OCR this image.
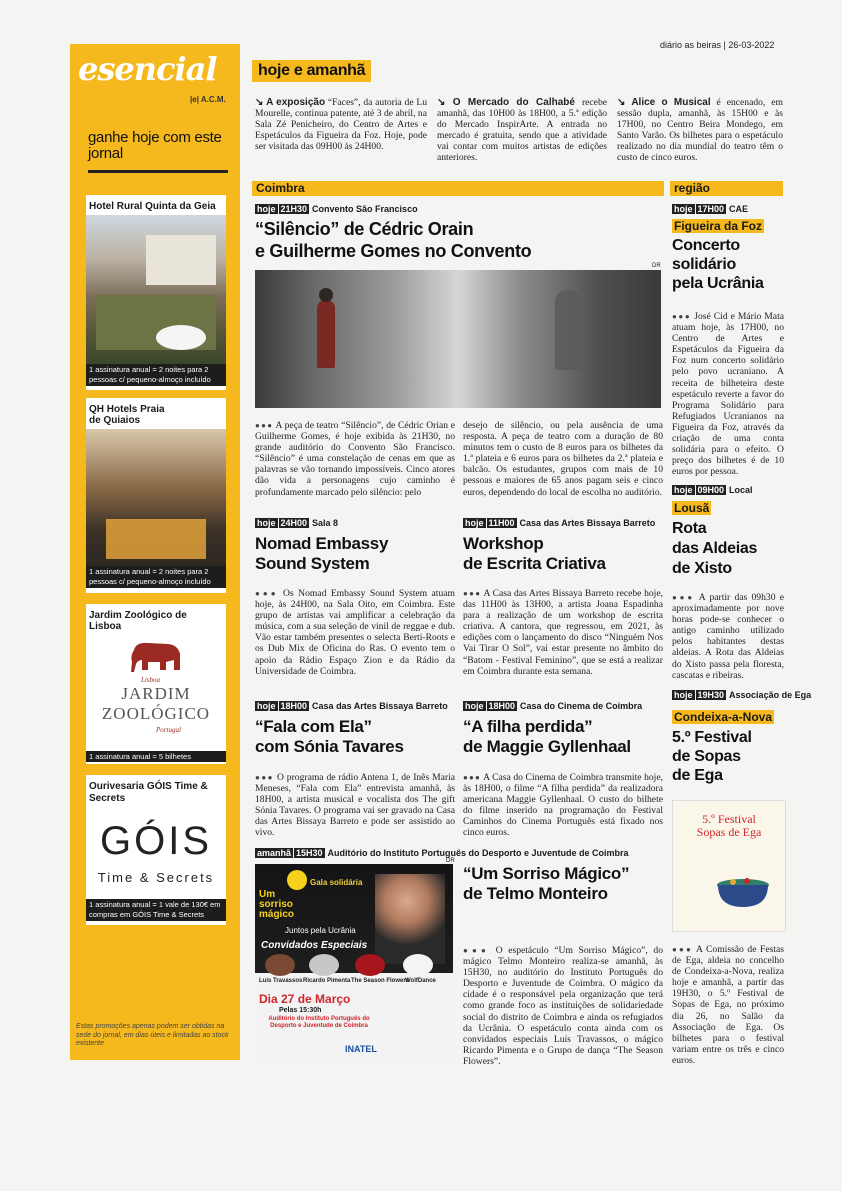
esencial
|e| A.C.M.
hoje e amanhã
diário as beiras | 26-03-2022
↘ A exposição “Faces”, da autoria de Lu Mourelle, continua patente, até 3 de abril, na Sala Zé Penicheiro, do Centro de Artes e Espetáculos da Figueira da Foz. Hoje, pode ser visitada das 09H00 às 24H00.
↘ O Mercado do Calhabé recebe amanhã, das 10H00 às 18H00, a 5.ª edição do Mercado InspirArte. A entrada no mercado é gratuita, sendo que a atividade vai contar com muitos artistas de edições anteriores.
↘ Alice o Musical é encenado, em sessão dupla, amanhã, às 15H00 e às 17H00, no Centro Beira Mondego, em Santo Varão. Os bilhetes para o espetáculo realizado no dia mundial do teatro têm o custo de cinco euros.
ganhe hoje com este jornal
Hotel Rural Quinta da Geia
1 assinatura anual = 2 noites para 2 pessoas c/ pequeno-almoço incluído
QH Hotels Praia de Quiaios
1 assinatura anual = 2 noites para 2 pessoas c/ pequeno-almoço incluído
Jardim Zoológico de Lisboa
Lisboa
JARDIM
ZOOLÓGICO
Portugal
1 assinatura anual = 5 bilhetes
Ourivesaria GÓIS Time & Secrets
GÓIS
Time & Secrets
1 assinatura anual = 1 vale de 130€ em compras em GÓIS Time & Secrets
Estas promoções apenas podem ser obtidas na sede do jornal, em dias úteis e limitadas ao stock existente
Coimbra	região
hoje 21H30 Convento São Francisco
“Silêncio” de Cédric Orain
e Guilherme Gomes no Convento
DR
●●● A peça de teatro “Silêncio”, de Cédric Orian e Guilherme Gomes, é hoje exibida às 21H30, no grande auditório do Convento São Francisco. “Silêncio” é uma constelação de cenas em que as palavras se vão tornando impossíveis. Cinco atores dão vida a personagens cujo caminho é profundamente marcado pelo silêncio: pelo
desejo de silêncio, ou pela ausência de uma resposta. A peça de teatro com a duração de 80 minutos tem o custo de 8 euros para os bilhetes da 1.ª plateia e 6 euros para os bilhetes da 2.ª plateia e balcão. Os estudantes, grupos com mais de 10 pessoas e maiores de 65 anos pagam seis e cinco euros, dependendo do local de escolha no auditório.
hoje 24H00 Sala 8
Nomad Embassy
Sound System
●●● Os Nomad Embassy Sound System atuam hoje, às 24H00, na Sala Oito, em Coimbra. Este grupo de artistas vai amplificar a celebração da música, com a sua seleção de vinil de reggae e dub. Vão estar também presentes o selecta Berti-Roots e os Dub Mix de Oficina do Ras. O evento tem o apoio da Rádio Espaço Zion e da Rádio da Universidade de Coimbra.
hoje 11H00 Casa das Artes Bissaya Barreto
Workshop
de Escrita Criativa
●●● A Casa das Artes Bissaya Barreto recebe hoje, das 11H00 às 13H00, a artista Joana Espadinha para a realização de um workshop de escrita criativa. A cantora, que regressou, em 2021, às edições com o lançamento do disco “Ninguém Nos Vai Tirar O Sol”, vai estar presente no âmbito do “Batom - Festival Feminino”, que se está a realizar em Coimbra durante esta semana.
hoje 18H00 Casa das Artes Bissaya Barreto
“Fala com Ela”
com Sónia Tavares
●●● O programa de rádio Antena 1, de Inês Maria Meneses, “Fala com Ela” entrevista amanhã, às 18H00, a artista musical e vocalista dos The gift Sónia Tavares. O programa vai ser gravado na Casa das Artes Bissaya Barreto e pode ser assistido ao vivo.
hoje 18H00 Casa do Cinema de Coimbra
“A filha perdida”
de Maggie Gyllenhaal
●●● A Casa do Cinema de Coimbra transmite hoje, às 18H00, o filme “A filha perdida” da realizadora americana Maggie Gyllenhaal. O custo do bilhete do filme inserido na programação do Festival Caminhos do Cinema Português está fixado nos cinco euros.
amanhã 15H30 Auditório do Instituto Português do Desporto e Juventude de Coimbra
DR
Gala solidária
Um
sorriso
mágico
Juntos pela Ucrânia
Convidados Especiais
Luís Travassos Ricardo Pimenta The Season Flowers
WolfDance
Dia 27 de Março
Pelas 15:30h
Auditório do Instituto Português do Desporto e Juventude de Coimbra
INATEL
“Um Sorriso Mágico”
de Telmo Monteiro
●●● O espetáculo “Um Sorriso Mágico”, do mágico Telmo Monteiro realiza-se amanhã, às 15H30, no auditório do Instituto Português do Desporto e Juventude de Coimbra. O mágico da cidade é o responsável pela organização que terá como grande foco as instituições de solidariedade social do distrito de Coimbra e ainda os refugiados da Ucrânia. O espetáculo conta ainda com os convidados especiais Luís Travassos, o mágico Ricardo Pimenta e o Grupo de dança “The Season Flowers”.
hoje 17H00 CAE
Figueira da Foz
Concerto
solidário
pela Ucrânia
●●● José Cid e Mário Mata atuam hoje, às 17H00, no Centro de Artes e Espetáculos da Figueira da Foz num concerto solidário pelo povo ucraniano. A receita de bilheteira deste espetáculo reverte a favor do Programa Solidário para Refugiados Ucranianos na Figueira da Foz, através da criação de uma conta solidária para o efeito. O preço dos bilhetes é de 10 euros por pessoa.
hoje 09H00 Local
Lousã
Rota
das Aldeias
de Xisto
●●● A partir das 09h30 e aproximadamente por nove horas pode-se conhecer o antigo caminho utilizado pelos habitantes destas aldeias. A Rota das Aldeias do Xisto passa pela floresta, cascatas e ribeiras.
hoje 19H30 Associação de Ega
Condeixa-a-Nova
5.º Festival
de Sopas
de Ega
5.º Festival
Sopas de Ega
●●● A Comissão de Festas de Ega, aldeia no concelho de Condeixa-a-Nova, realiza hoje e amanhã, a partir das 19H30, o 5.º Festival de Sopas de Ega, no próximo dia 26, no Salão da Associação de Ega. Os bilhetes para o festival variam entre os três e cinco euros.
